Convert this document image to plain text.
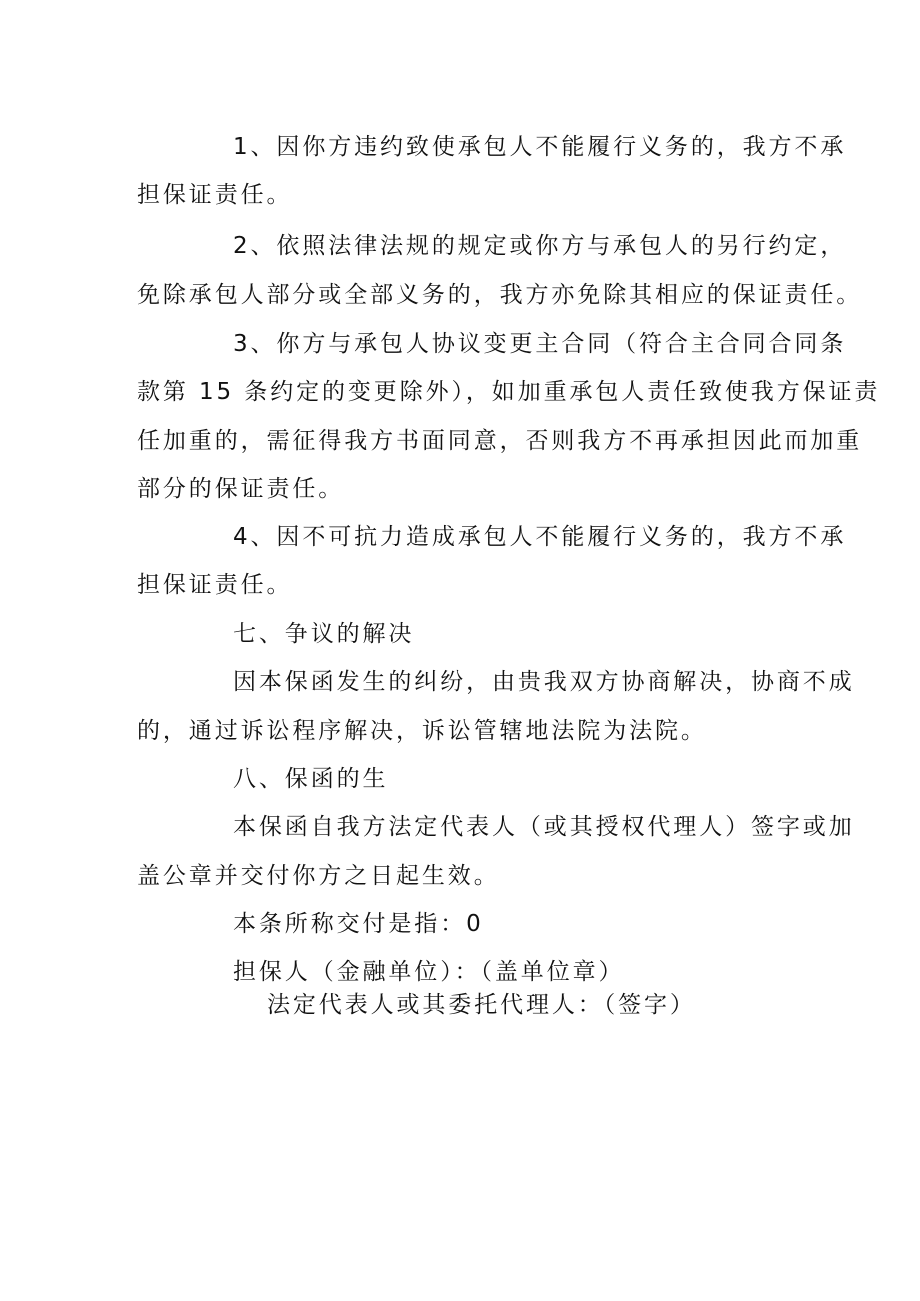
1、因你方违约致使承包人不能履行义务的，我方不承

担保证责任。

2、依照法律法规的规定或你方与承包人的另行约定，

免除承包人部分或全部义务的，我方亦免除其相应的保证责任。

3、你方与承包人协议变更主合同（符合主合同合同条

款第 15 条约定的变更除外），如加重承包人责任致使我方保证责

任加重的，需征得我方书面同意，否则我方不再承担因此而加重

部分的保证责任。

4、因不可抗力造成承包人不能履行义务的，我方不承

担保证责任。

七、争议的解决

因本保函发生的纠纷，由贵我双方协商解决，协商不成

的，通过诉讼程序解决，诉讼管辖地法院为法院。

八、保函的生

本保函自我方法定代表人（或其授权代理人）签字或加

盖公章并交付你方之日起生效。

本条所称交付是指：0

担保人（金融单位）：（盖单位章）

法定代表人或其委托代理人：（签字）
